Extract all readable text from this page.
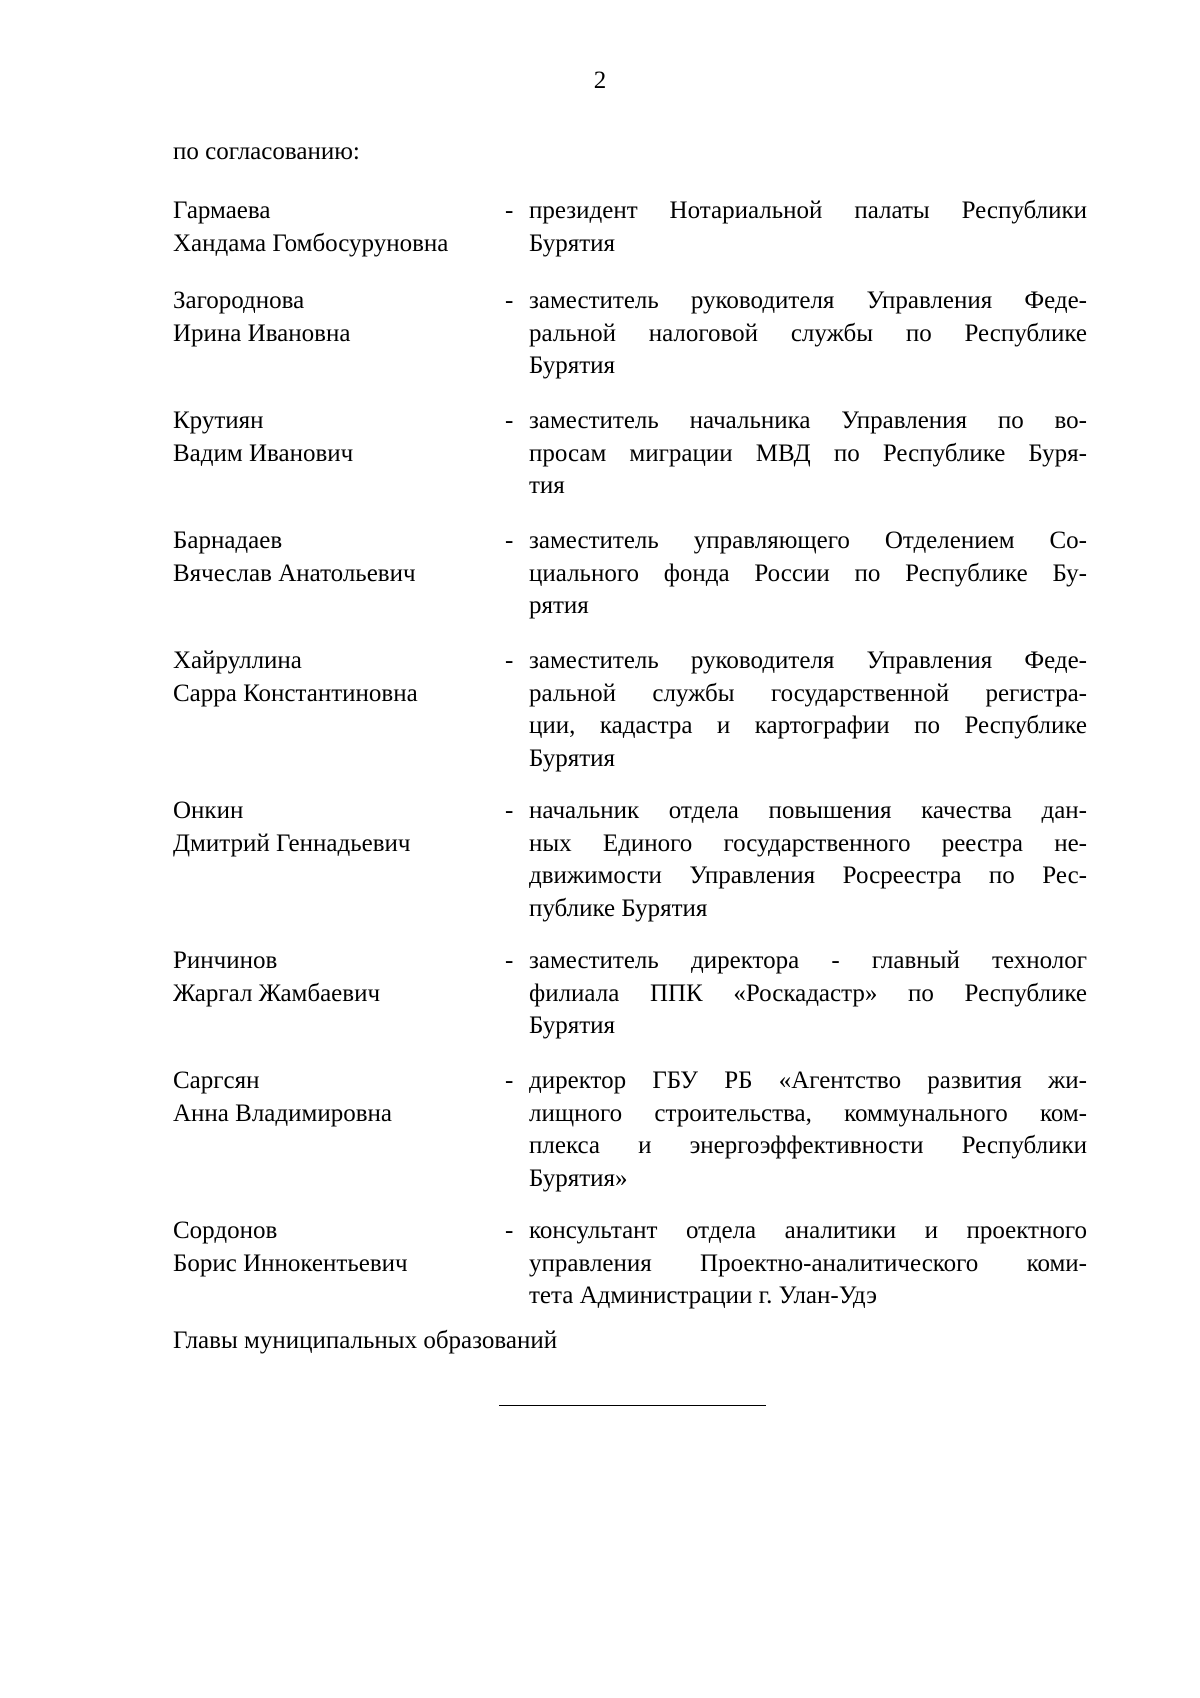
2
по согласованию:
Гармаева
Хандама Гомбосуруновна
- президент Нотариальной палаты Республики
Бурятия
Загороднова
Ирина Ивановна
- заместитель руководителя Управления Феде-
ральной налоговой службы по Республике
Бурятия
Крутиян
Вадим Иванович
- заместитель начальника Управления по во-
просам миграции МВД по Республике Буря-
тия
Барнадаев
Вячеслав Анатольевич
- заместитель управляющего Отделением Со-
циального фонда России по Республике Бу-
рятия
Хайруллина
Сарра Константиновна
- заместитель руководителя Управления Феде-
ральной службы государственной регистра-
ции, кадастра и картографии по Республике
Бурятия
Онкин
Дмитрий Геннадьевич
- начальник отдела повышения качества дан-
ных Единого государственного реестра не-
движимости Управления Росреестра по Рес-
публике Бурятия
Ринчинов
Жаргал Жамбаевич
- заместитель директора - главный технолог
филиала ППК «Роскадастр» по Республике
Бурятия
Саргсян
Анна Владимировна
- директор ГБУ РБ «Агентство развития жи-
лищного строительства, коммунального ком-
плекса и энергоэффективности Республики
Бурятия»
Сордонов
Борис Иннокентьевич
- консультант отдела аналитики и проектного
управления Проектно-аналитического коми-
тета Администрации г. Улан-Удэ
Главы муниципальных образований
